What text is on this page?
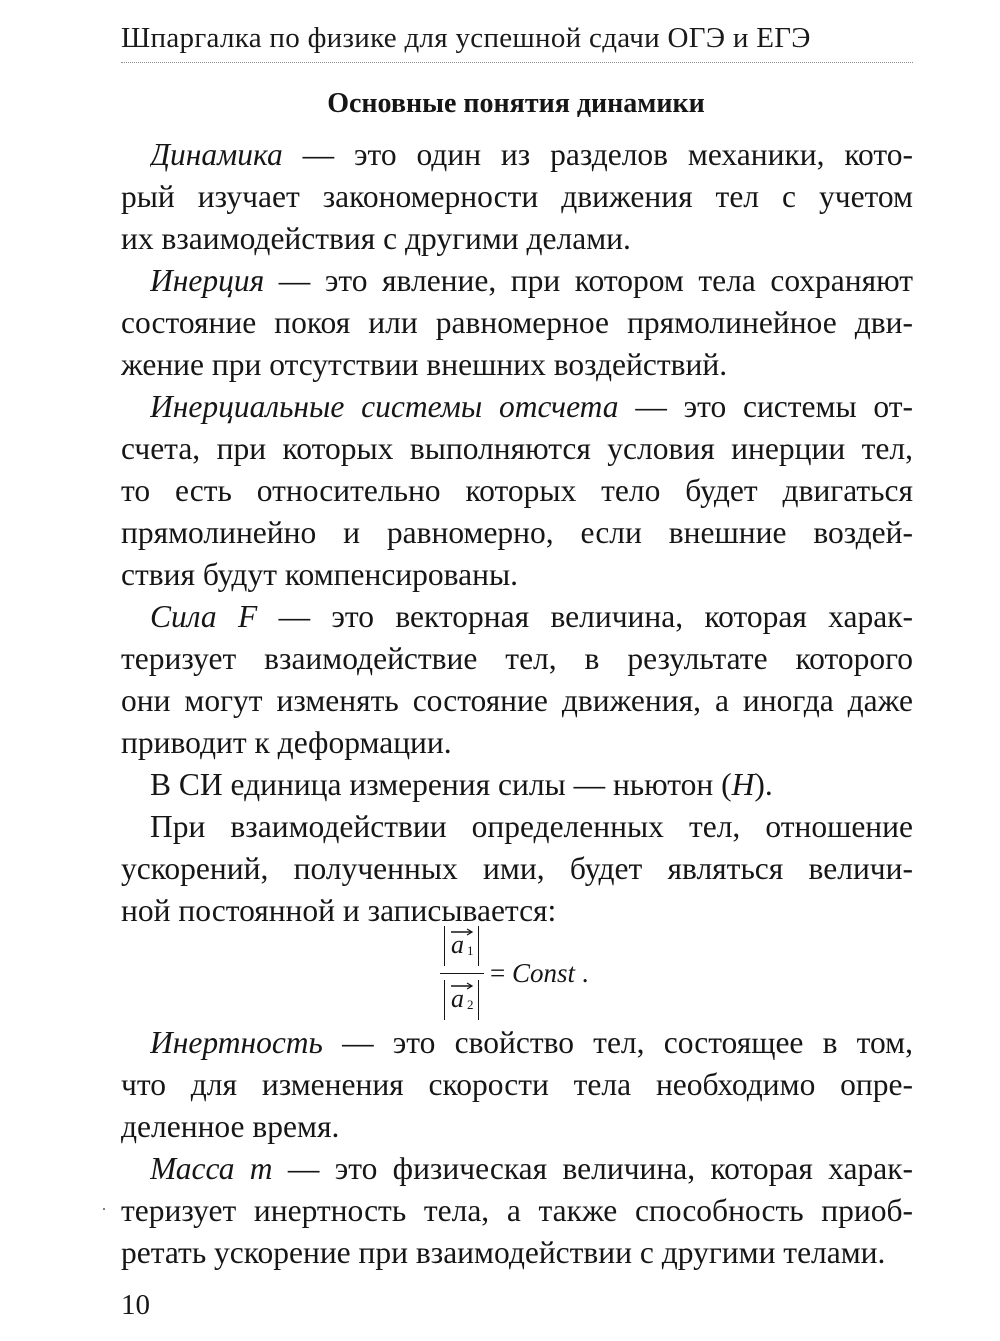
Шпаргалка по физике для успешной сдачи ОГЭ и ЕГЭ
Основные понятия динамики
Динамика — это один из разделов механики, кото-
рый изучает закономерности движения тел с учетом
их взаимодействия с другими делами.
Инерция — это явление, при котором тела сохраняют
состояние покоя или равномерное прямолинейное дви-
жение при отсутствии внешних воздействий.
Инерциальные системы отсчета — это системы от-
счета, при которых выполняются условия инерции тел,
то есть относительно которых тело будет двигаться
прямолинейно и равномерно, если внешние воздей-
ствия будут компенсированы.
Сила F — это векторная величина, которая харак-
теризует взаимодействие тел, в результате которого
они могут изменять состояние движения, а иногда даже
приводит к деформации.
В СИ единица измерения силы — ньютон (Н).
При взаимодействии определенных тел, отношение
ускорений, полученных ими, будет являться величи-
ной постоянной и записывается:
a 1
a 2
= Const .
Инертность — это свойство тел, состоящее в том,
что для изменения скорости тела необходимо опре-
деленное время.
Масса m — это физическая величина, которая харак-
теризует инертность тела, а также способность приоб-
ретать ускорение при взаимодействии с другими телами.
10
